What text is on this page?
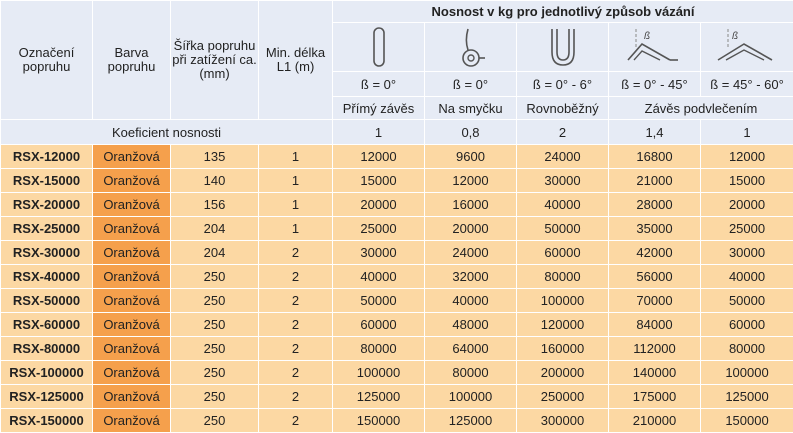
Označení popruhu	Barva popruhu	Šířka popruhu při zatížení ca. (mm)	Min. délka L1 (m)	Nosnost v kg pro jednotlivý způsob vázání				

ß	ß

				ß = 0°	ß = 0°	ß = 0° - 6°	ß = 0° - 45°	ß = 45° - 60°
				Přímý závěs	Na smyčku	Rovnoběžný	Závěs podvlečením	
Koeficient nosnosti				1	0,8	2	1,4	1
RSX-12000	Oranžová	135	1	12000	9600	24000	16800	12000
RSX-15000	Oranžová	140	1	15000	12000	30000	21000	15000
RSX-20000	Oranžová	156	1	20000	16000	40000	28000	20000
RSX-25000	Oranžová	204	1	25000	20000	50000	35000	25000
RSX-30000	Oranžová	204	2	30000	24000	60000	42000	30000
RSX-40000	Oranžová	250	2	40000	32000	80000	56000	40000
RSX-50000	Oranžová	250	2	50000	40000	100000	70000	50000
RSX-60000	Oranžová	250	2	60000	48000	120000	84000	60000
RSX-80000	Oranžová	250	2	80000	64000	160000	112000	80000
RSX-100000	Oranžová	250	2	100000	80000	200000	140000	100000
RSX-125000	Oranžová	250	2	125000	100000	250000	175000	125000
RSX-150000	Oranžová	250	2	150000	125000	300000	210000	150000
